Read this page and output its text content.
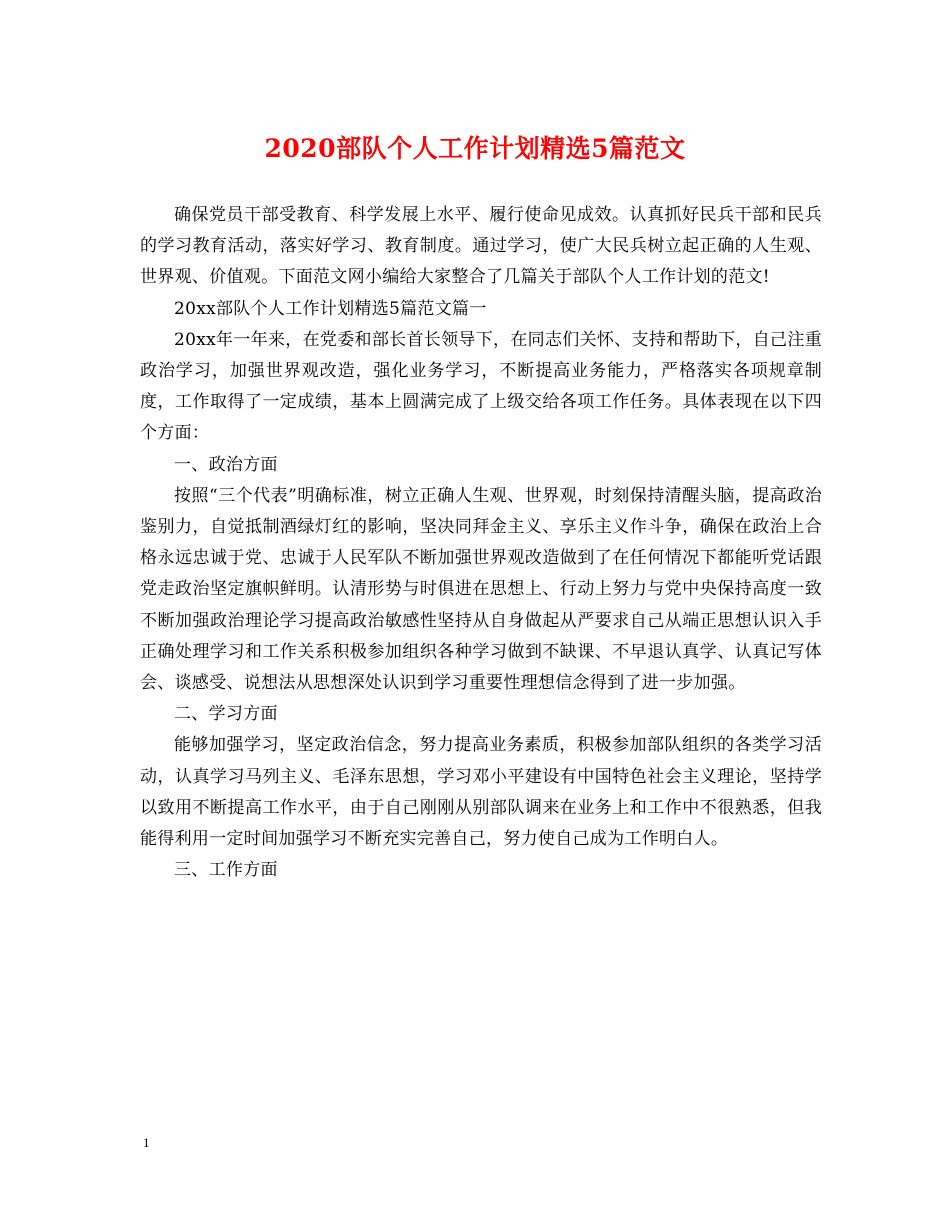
2020部队个人工作计划精选5篇范文

确保党员干部受教育、科学发展上水平、履行使命见成效。认真抓好民兵干部和民兵的学习教育活动，落实好学习、教育制度。通过学习，使广大民兵树立起正确的人生观、世界观、价值观。下面范文网小编给大家整合了几篇关于部队个人工作计划的范文!

20xx部队个人工作计划精选5篇范文篇一

20xx年一年来，在党委和部长首长领导下，在同志们关怀、支持和帮助下，自己注重政治学习，加强世界观改造，强化业务学习，不断提高业务能力，严格落实各项规章制度，工作取得了一定成绩，基本上圆满完成了上级交给各项工作任务。具体表现在以下四个方面：

一、政治方面

按照“三个代表”明确标准，树立正确人生观、世界观，时刻保持清醒头脑，提高政治鉴别力，自觉抵制酒绿灯红的影响，坚决同拜金主义、享乐主义作斗争，确保在政治上合格永远忠诚于党、忠诚于人民军队不断加强世界观改造做到了在任何情况下都能听党话跟党走政治坚定旗帜鲜明。认清形势与时俱进在思想上、行动上努力与党中央保持高度一致不断加强政治理论学习提高政治敏感性坚持从自身做起从严要求自己从端正思想认识入手正确处理学习和工作关系积极参加组织各种学习做到不缺课、不早退认真学、认真记写体会、谈感受、说想法从思想深处认识到学习重要性理想信念得到了进一步加强。

二、学习方面

能够加强学习，坚定政治信念，努力提高业务素质，积极参加部队组织的各类学习活动，认真学习马列主义、毛泽东思想，学习邓小平建设有中国特色社会主义理论，坚持学以致用不断提高工作水平，由于自己刚刚从别部队调来在业务上和工作中不很熟悉，但我能得利用一定时间加强学习不断充实完善自己，努力使自己成为工作明白人。

三、工作方面

1
